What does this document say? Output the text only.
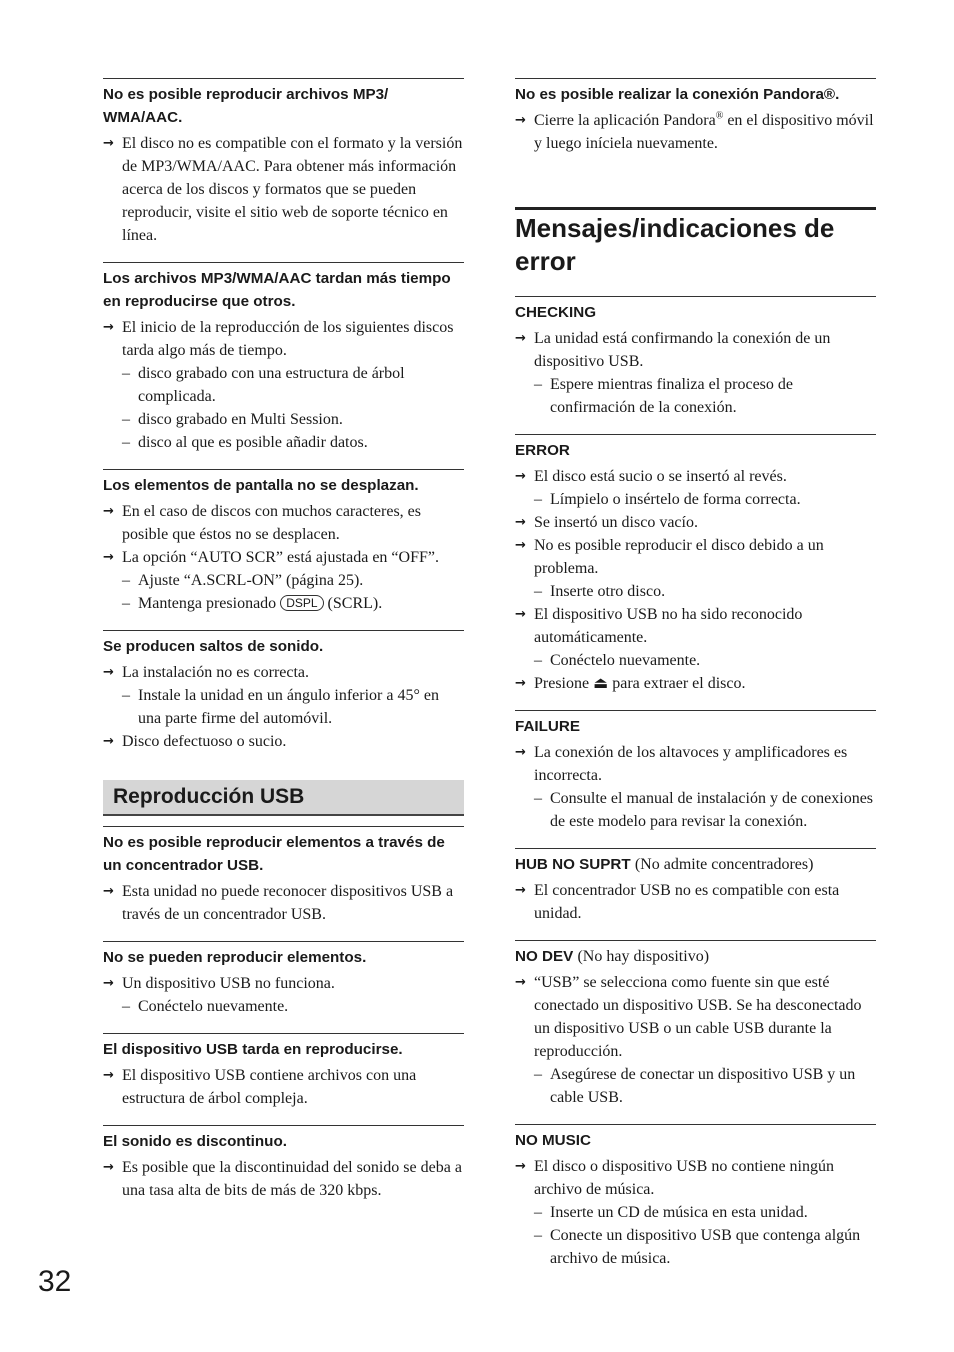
No es posible reproducir archivos MP3/ WMA/AAC.
→ El disco no es compatible con el formato y la versión de MP3/WMA/AAC. Para obtener más información acerca de los discos y formatos que se pueden reproducir, visite el sitio web de soporte técnico en línea.
Los archivos MP3/WMA/AAC tardan más tiempo en reproducirse que otros.
→ El inicio de la reproducción de los siguientes discos tarda algo más de tiempo.
– disco grabado con una estructura de árbol complicada.
– disco grabado en Multi Session.
– disco al que es posible añadir datos.
Los elementos de pantalla no se desplazan.
→ En el caso de discos con muchos caracteres, es posible que éstos no se desplacen.
→ La opción “AUTO SCR” está ajustada en “OFF”.
– Ajuste “A.SCRL-ON” (página 25).
– Mantenga presionado DSPL (SCRL).
Se producen saltos de sonido.
→ La instalación no es correcta.
– Instale la unidad en un ángulo inferior a 45° en una parte firme del automóvil.
→ Disco defectuoso o sucio.
Reproducción USB
No es posible reproducir elementos a través de un concentrador USB.
→ Esta unidad no puede reconocer dispositivos USB a través de un concentrador USB.
No se pueden reproducir elementos.
→ Un dispositivo USB no funciona.
– Conéctelo nuevamente.
El dispositivo USB tarda en reproducirse.
→ El dispositivo USB contiene archivos con una estructura de árbol compleja.
El sonido es discontinuo.
→ Es posible que la discontinuidad del sonido se deba a una tasa alta de bits de más de 320 kbps.
No es posible realizar la conexión Pandora®.
→ Cierre la aplicación Pandora® en el dispositivo móvil y luego iníciela nuevamente.
Mensajes/indicaciones de error
CHECKING
→ La unidad está confirmando la conexión de un dispositivo USB.
– Espere mientras finaliza el proceso de confirmación de la conexión.
ERROR
→ El disco está sucio o se insertó al revés.
– Límpielo o insértelo de forma correcta.
→ Se insertó un disco vacío.
→ No es posible reproducir el disco debido a un problema.
– Inserte otro disco.
→ El dispositivo USB no ha sido reconocido automáticamente.
– Conéctelo nuevamente.
→ Presione ⏏ para extraer el disco.
FAILURE
→ La conexión de los altavoces y amplificadores es incorrecta.
– Consulte el manual de instalación y de conexiones de este modelo para revisar la conexión.
HUB NO SUPRT (No admite concentradores)
→ El concentrador USB no es compatible con esta unidad.
NO DEV (No hay dispositivo)
→ “USB” se selecciona como fuente sin que esté conectado un dispositivo USB. Se ha desconectado un dispositivo USB o un cable USB durante la reproducción.
– Asegúrese de conectar un dispositivo USB y un cable USB.
NO MUSIC
→ El disco o dispositivo USB no contiene ningún archivo de música.
– Inserte un CD de música en esta unidad.
– Conecte un dispositivo USB que contenga algún archivo de música.
32
